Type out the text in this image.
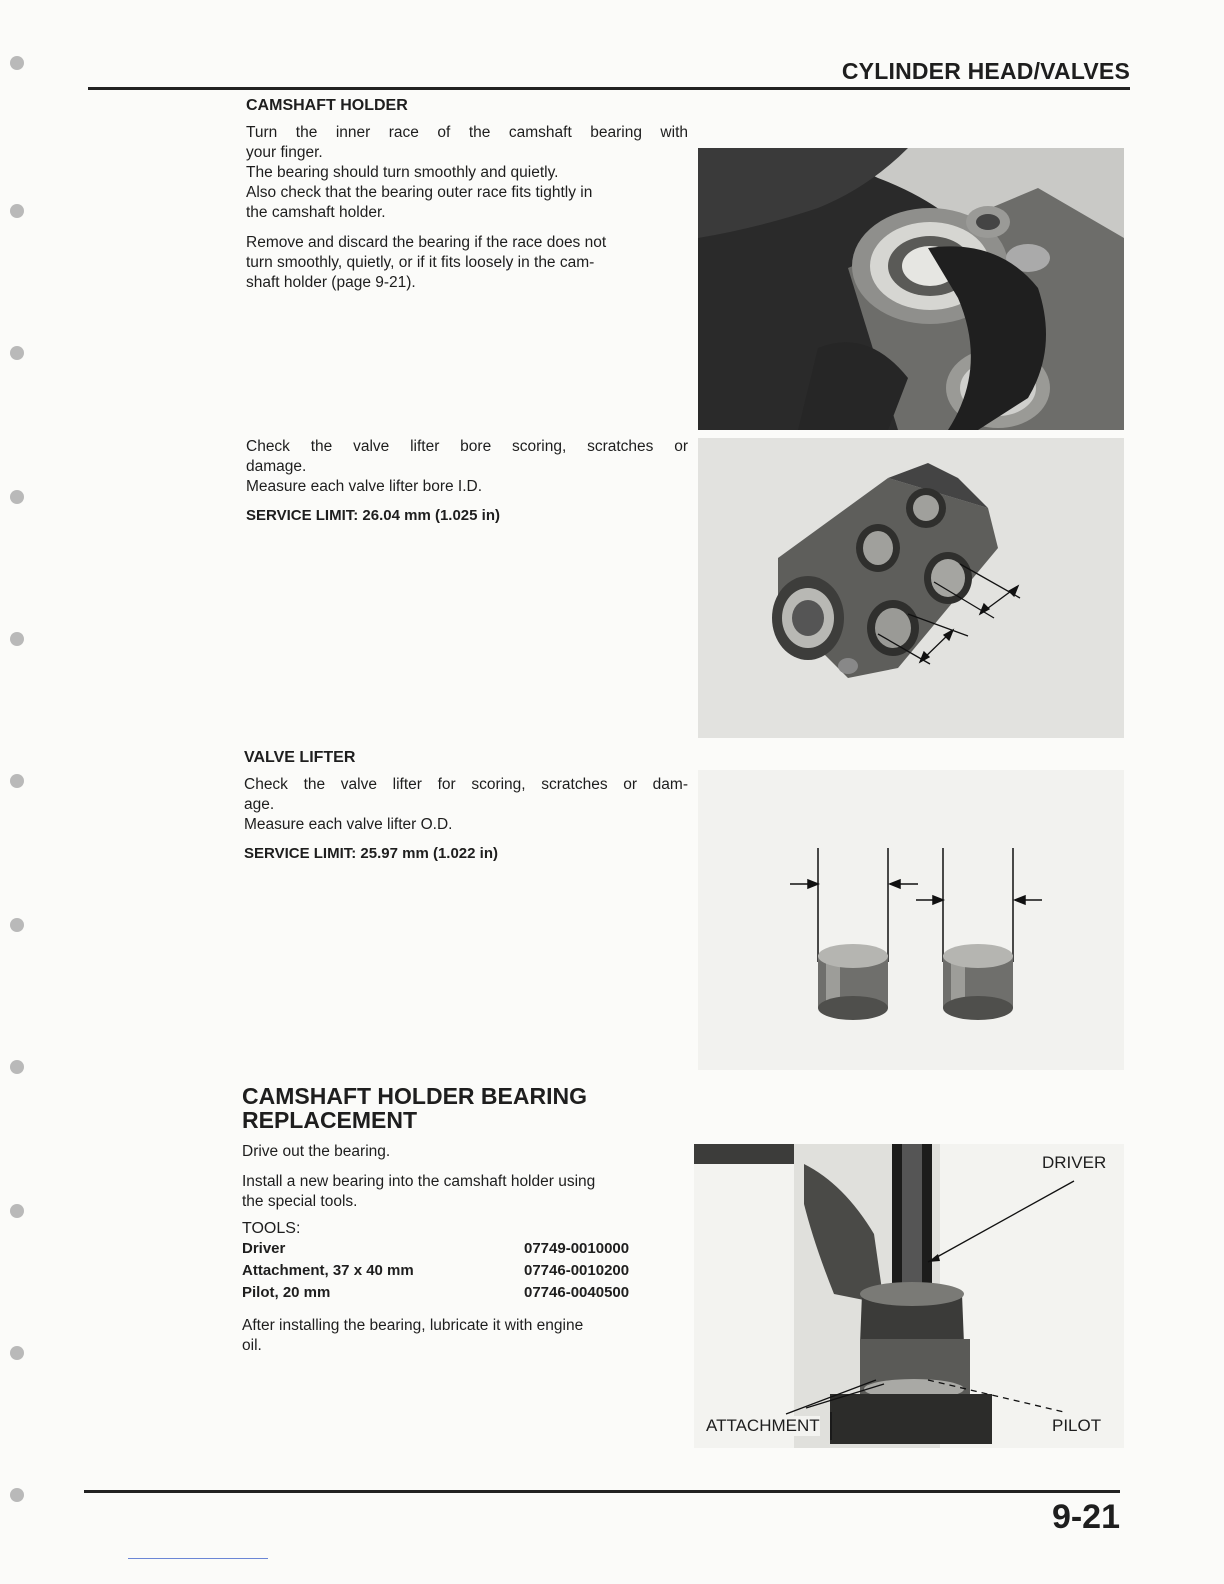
CYLINDER HEAD/VALVES
CAMSHAFT HOLDER

Turn the inner race of the camshaft bearing with

your finger.

The bearing should turn smoothly and quietly.

Also check that the bearing outer race fits tightly in

the camshaft holder.

Remove and discard the bearing if the race does not

turn smoothly, quietly, or if it fits loosely in the cam-

shaft holder (page 9-21).

Check the valve lifter bore scoring, scratches or

damage.

Measure each valve lifter bore I.D.

SERVICE LIMIT: 26.04 mm (1.025 in)
VALVE LIFTER

Check the valve lifter for scoring, scratches or dam-

age.

Measure each valve lifter O.D.

SERVICE LIMIT: 25.97 mm (1.022 in)
CAMSHAFT HOLDER BEARING
REPLACEMENT

Drive out the bearing.

Install a new bearing into the camshaft holder using

the special tools.

TOOLS:
Driver	07749-0010000
Attachment, 37 x 40 mm	07746-0010200
Pilot, 20 mm	07746-0040500

After installing the bearing, lubricate it with engine

oil.

DRIVER
ATTACHMENT	PILOT
9-21
